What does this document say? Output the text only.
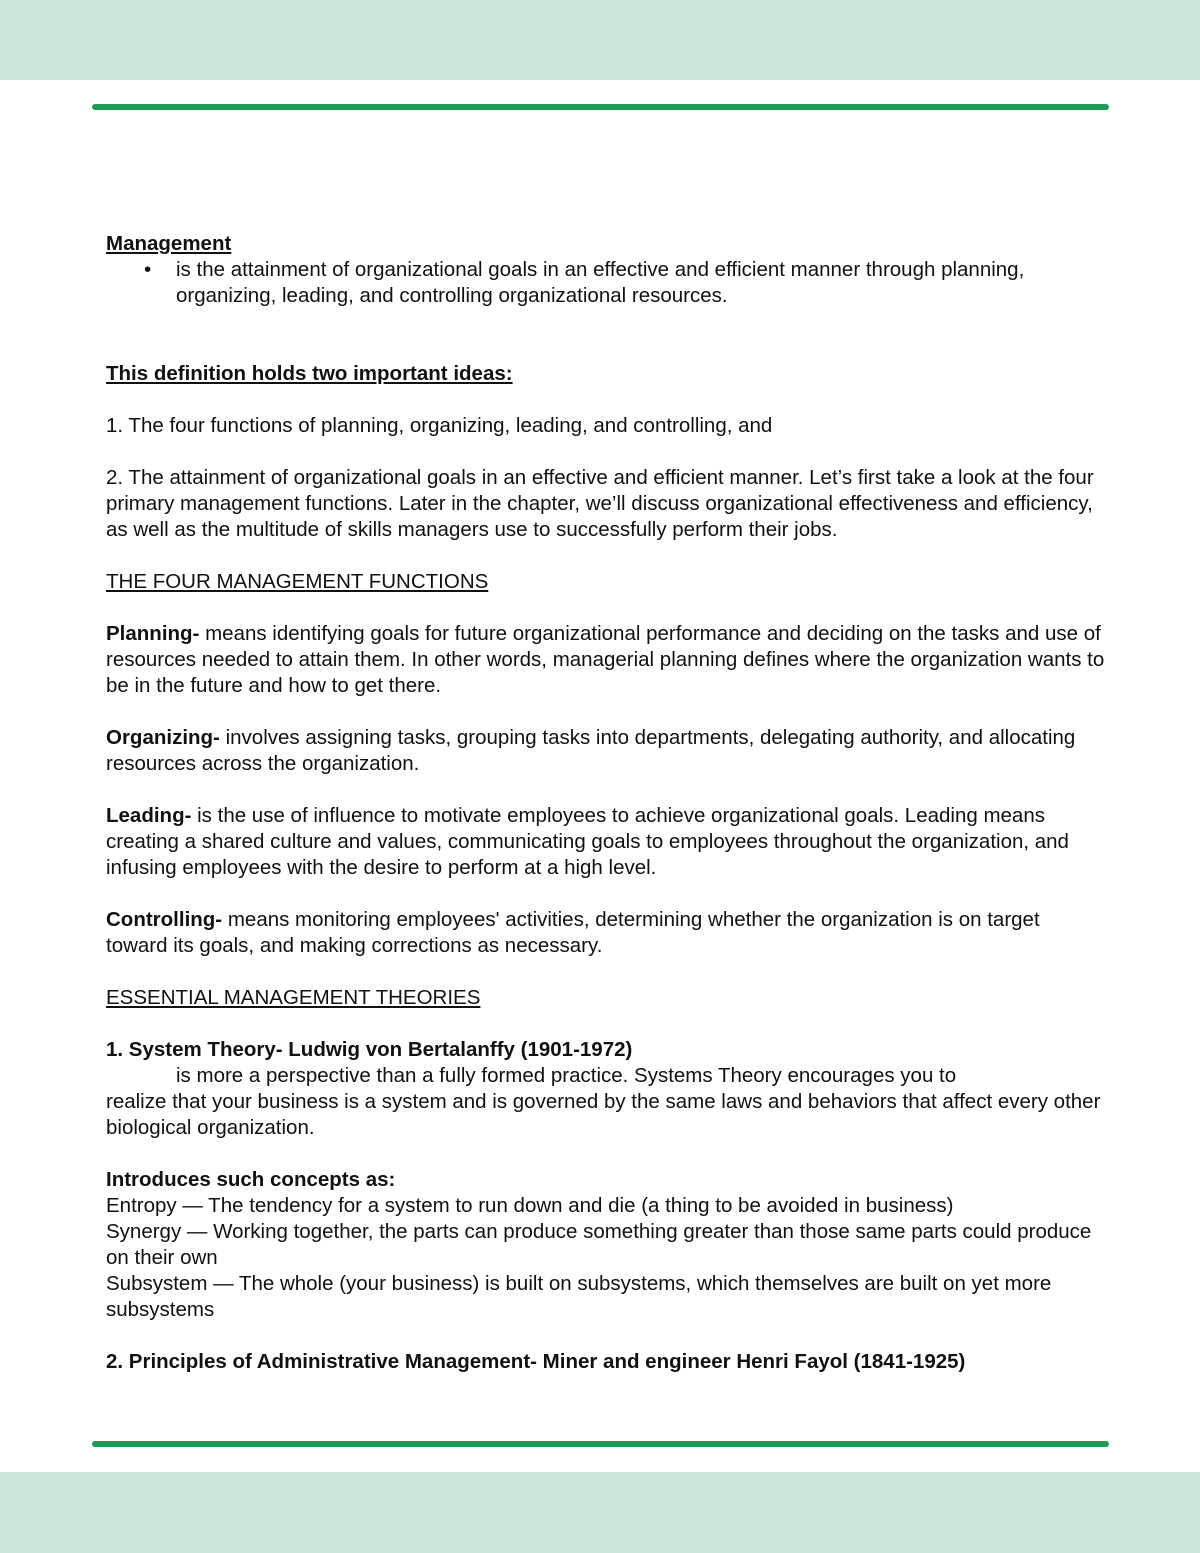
Management

• is the attainment of organizational goals in an effective and efficient manner through planning, organizing, leading, and controlling organizational resources.

This definition holds two important ideas:

1. The four functions of planning, organizing, leading, and controlling, and

2. The attainment of organizational goals in an effective and efficient manner. Let’s first take a look at the four primary management functions. Later in the chapter, we’ll discuss organizational effectiveness and efficiency, as well as the multitude of skills managers use to successfully perform their jobs.

THE FOUR MANAGEMENT FUNCTIONS

Planning- means identifying goals for future organizational performance and deciding on the tasks and use of resources needed to attain them. In other words, managerial planning defines where the organization wants to be in the future and how to get there.

Organizing- involves assigning tasks, grouping tasks into departments, delegating authority, and allocating resources across the organization.

Leading- is the use of influence to motivate employees to achieve organizational goals. Leading means creating a shared culture and values, communicating goals to employees throughout the organization, and infusing employees with the desire to perform at a high level.

Controlling- means monitoring employees' activities, determining whether the organization is on target toward its goals, and making corrections as necessary.

ESSENTIAL MANAGEMENT THEORIES

1. System Theory- Ludwig von Bertalanffy (1901-1972)

is more a perspective than a fully formed practice. Systems Theory encourages you to

realize that your business is a system and is governed by the same laws and behaviors that affect every other biological organization.

Introduces such concepts as:

Entropy — The tendency for a system to run down and die (a thing to be avoided in business)

Synergy — Working together, the parts can produce something greater than those same parts could produce on their own

Subsystem — The whole (your business) is built on subsystems, which themselves are built on yet more subsystems

2. Principles of Administrative Management- Miner and engineer Henri Fayol (1841-1925)
